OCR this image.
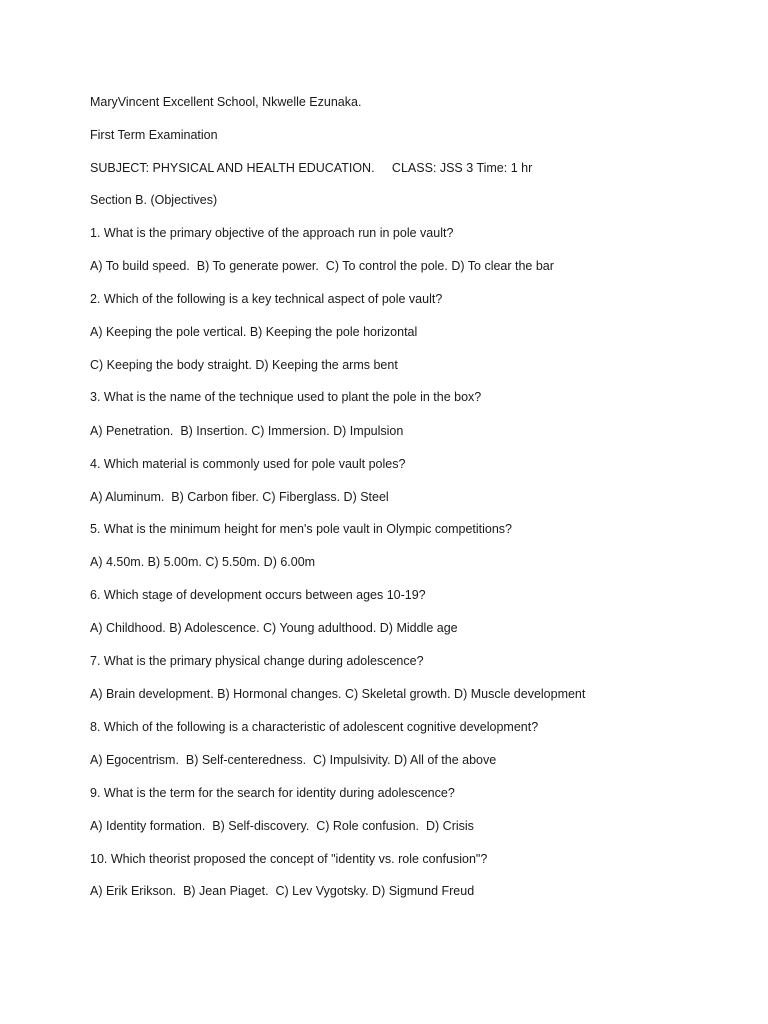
MaryVincent Excellent School, Nkwelle Ezunaka.
First Term Examination
SUBJECT: PHYSICAL AND HEALTH EDUCATION.     CLASS: JSS 3 Time: 1 hr
Section B. (Objectives)
1. What is the primary objective of the approach run in pole vault?
A) To build speed.  B) To generate power.  C) To control the pole. D) To clear the bar
2. Which of the following is a key technical aspect of pole vault?
A) Keeping the pole vertical. B) Keeping the pole horizontal
C) Keeping the body straight. D) Keeping the arms bent
3. What is the name of the technique used to plant the pole in the box?
A) Penetration.  B) Insertion. C) Immersion. D) Impulsion
4. Which material is commonly used for pole vault poles?
A) Aluminum.  B) Carbon fiber. C) Fiberglass. D) Steel
5. What is the minimum height for men's pole vault in Olympic competitions?
A) 4.50m. B) 5.00m. C) 5.50m. D) 6.00m
6. Which stage of development occurs between ages 10-19?
A) Childhood. B) Adolescence. C) Young adulthood. D) Middle age
7. What is the primary physical change during adolescence?
A) Brain development. B) Hormonal changes. C) Skeletal growth. D) Muscle development
8. Which of the following is a characteristic of adolescent cognitive development?
A) Egocentrism.  B) Self-centeredness.  C) Impulsivity. D) All of the above
9. What is the term for the search for identity during adolescence?
A) Identity formation.  B) Self-discovery.  C) Role confusion.  D) Crisis
10. Which theorist proposed the concept of "identity vs. role confusion"?
A) Erik Erikson.  B) Jean Piaget.  C) Lev Vygotsky. D) Sigmund Freud
